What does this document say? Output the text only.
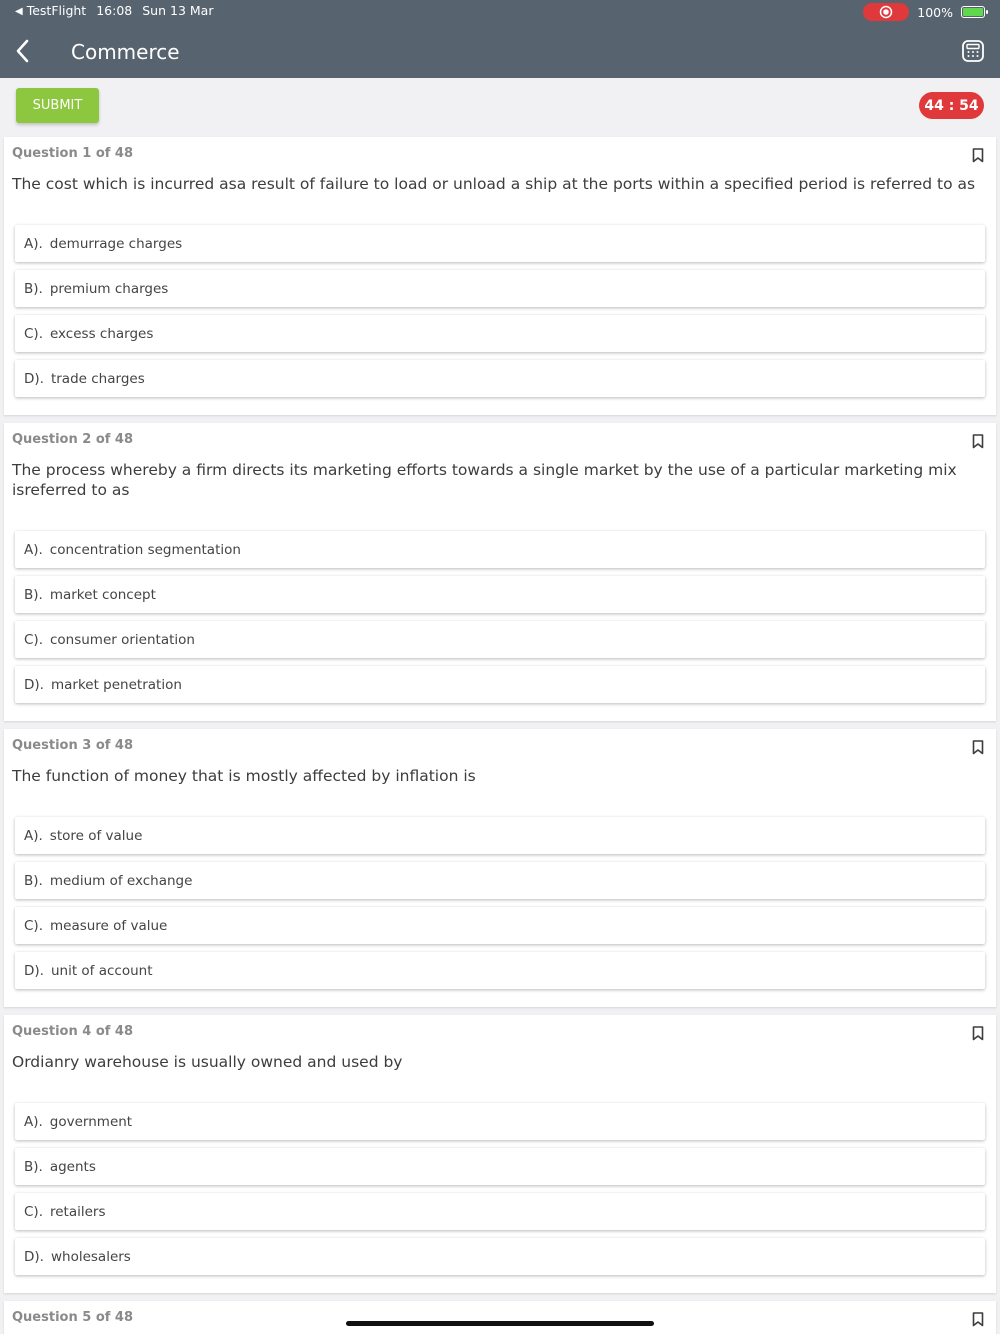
◀ TestFlight 16:08 Sun 13 Mar	100%
Commerce
SUBMIT	44 : 54
Question 1 of 48
The cost which is incurred asa result of failure to load or unload a ship at the ports within a specified period is referred to as
A). demurrage charges
B). premium charges
C). excess charges
D). trade charges
Question 2 of 48
The process whereby a firm directs its marketing efforts towards a single market by the use of a particular marketing mix isreferred to as
A). concentration segmentation
B). market concept
C). consumer orientation
D). market penetration
Question 3 of 48
The function of money that is mostly affected by inflation is
A). store of value
B). medium of exchange
C). measure of value
D). unit of account
Question 4 of 48
Ordianry warehouse is usually owned and used by
A). government
B). agents
C). retailers
D). wholesalers
Question 5 of 48
